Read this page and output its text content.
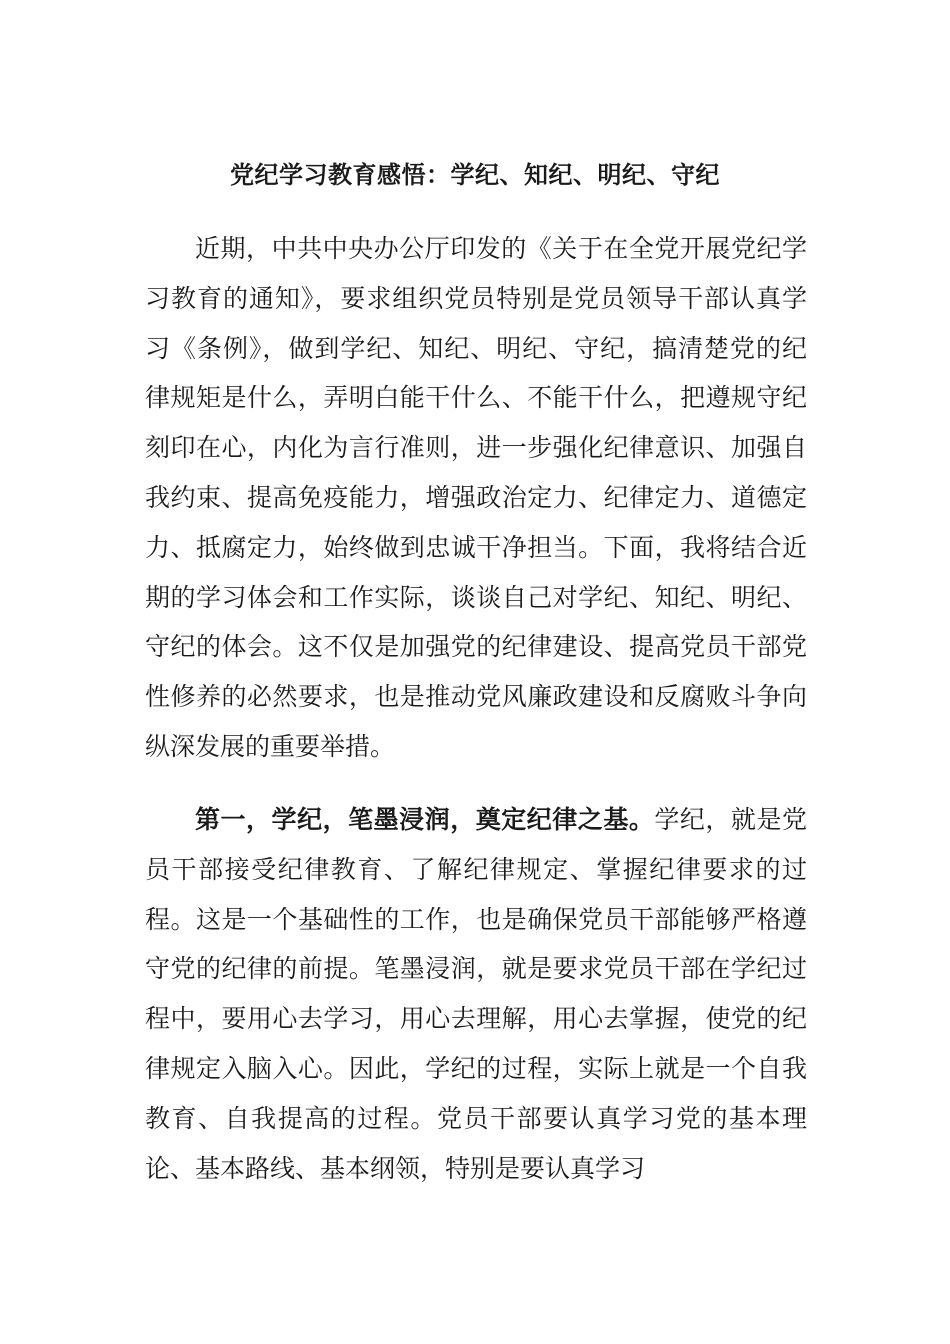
党纪学习教育感悟：学纪、知纪、明纪、守纪

近期，中共中央办公厅印发的《关于在全党开展党纪学习教育的通知》，要求组织党员特别是党员领导干部认真学习《条例》，做到学纪、知纪、明纪、守纪，搞清楚党的纪律规矩是什么，弄明白能干什么、不能干什么，把遵规守纪刻印在心，内化为言行准则，进一步强化纪律意识、加强自我约束、提高免疫能力，增强政治定力、纪律定力、道德定力、抵腐定力，始终做到忠诚干净担当。下面，我将结合近期的学习体会和工作实际，谈谈自己对学纪、知纪、明纪、守纪的体会。这不仅是加强党的纪律建设、提高党员干部党性修养的必然要求，也是推动党风廉政建设和反腐败斗争向纵深发展的重要举措。

第一，学纪，笔墨浸润，奠定纪律之基。学纪，就是党员干部接受纪律教育、了解纪律规定、掌握纪律要求的过程。这是一个基础性的工作，也是确保党员干部能够严格遵守党的纪律的前提。笔墨浸润，就是要求党员干部在学纪过程中，要用心去学习，用心去理解，用心去掌握，使党的纪律规定入脑入心。因此，学纪的过程，实际上就是一个自我教育、自我提高的过程。党员干部要认真学习党的基本理论、基本路线、基本纲领，特别是要认真学习
